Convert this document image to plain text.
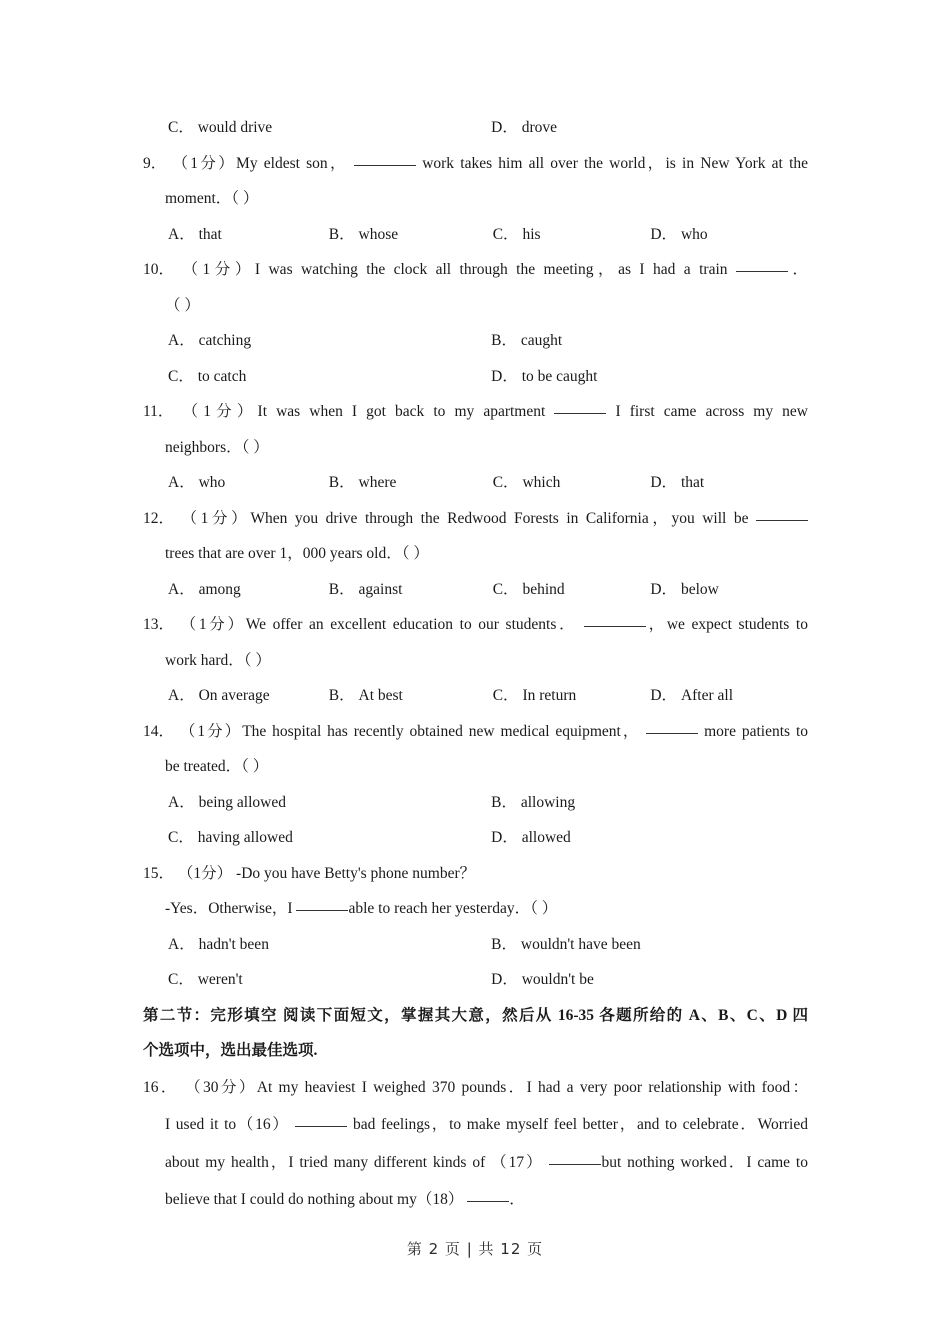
C． would drive	D． drove

9． （1分）My eldest son，	work takes him all over the world，is in New York at the

moment．（ ）

A． that	B． whose	C． his	D． who

10． （1分）I was watching the clock all through the meeting，as I had a train	．

（ ）

A． catching	B． caught
C． to catch	D． to be caught

11． （1分）It was when I got back to my apartment	I first came across my new

neighbors．（ ）

A． who	B． where	C． which	D． that

12． （1分）When you drive through the Redwood Forests in California，you will be

trees that are over 1，000 years old．（ ）

A． among	B． against	C． behind	D． below

13． （1分）We offer an excellent education to our students．	，we expect students to

work hard．（ ）

A． On average	B． At best	C． In return	D． After all

14． （1分）The hospital has recently obtained new medical equipment，	more patients to

be treated．（ ）

A． being allowed	B． allowing
C． having allowed	D． allowed

15． （1分） ‐Do you have Betty's phone number？

‐Yes．Otherwise，I	able to reach her yesterday．（ ）

A． hadn't been	B． wouldn't have been
C． weren't	D． wouldn't be

第二节：完形填空 阅读下面短文，掌握其大意，然后从 16-35 各题所给的 A、B、C、D 四

个选项中，选出最佳选项.

16． （30分）At my heaviest I weighed 370 pounds．I had a very poor relationship with food：

I used it to（16）	bad feelings，to make myself feel better，and to celebrate．Worried

about my health，I tried many different kinds of （17）	but nothing worked．I came to

believe that I could do nothing about my（18）	．

第 2 页 | 共 12 页
